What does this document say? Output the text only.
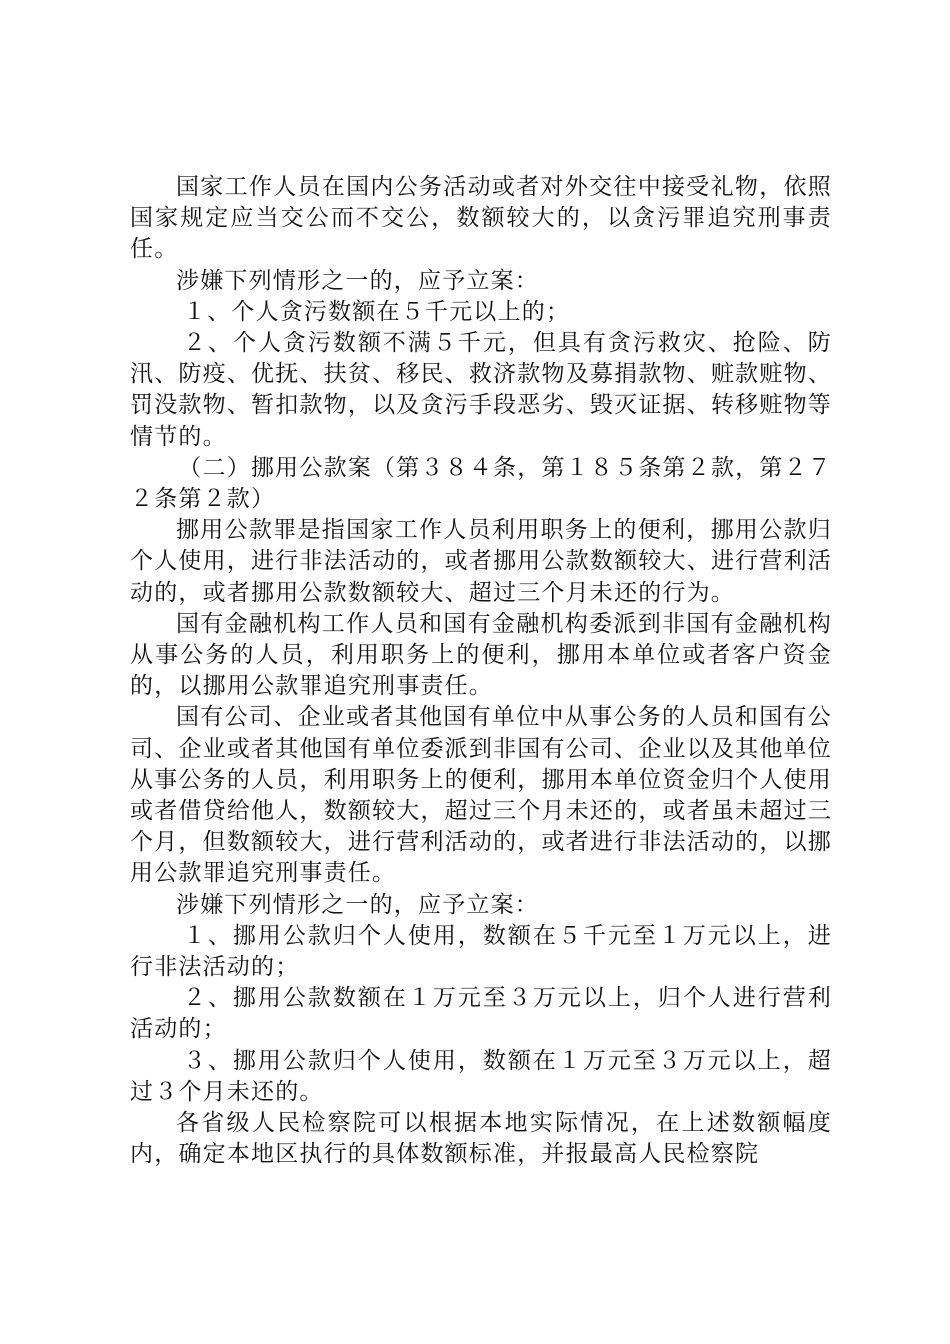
国家工作人员在国内公务活动或者对外交往中接受礼物，依照国家规定应当交公而不交公，数额较大的，以贪污罪追究刑事责任。

涉嫌下列情形之一的，应予立案：

１、个人贪污数额在５千元以上的；

２、个人贪污数额不满５千元，但具有贪污救灾、抢险、防汛、防疫、优抚、扶贫、移民、救济款物及募捐款物、赃款赃物、罚没款物、暂扣款物，以及贪污手段恶劣、毁灭证据、转移赃物等情节的。

（二）挪用公款案（第３８４条，第１８５条第２款，第２７２条第２款）

挪用公款罪是指国家工作人员利用职务上的便利，挪用公款归个人使用，进行非法活动的，或者挪用公款数额较大、进行营利活动的，或者挪用公款数额较大、超过三个月未还的行为。

国有金融机构工作人员和国有金融机构委派到非国有金融机构从事公务的人员，利用职务上的便利，挪用本单位或者客户资金的，以挪用公款罪追究刑事责任。

国有公司、企业或者其他国有单位中从事公务的人员和国有公司、企业或者其他国有单位委派到非国有公司、企业以及其他单位从事公务的人员，利用职务上的便利，挪用本单位资金归个人使用或者借贷给他人，数额较大，超过三个月未还的，或者虽未超过三个月，但数额较大，进行营利活动的，或者进行非法活动的，以挪用公款罪追究刑事责任。

涉嫌下列情形之一的，应予立案：

１、挪用公款归个人使用，数额在５千元至１万元以上，进行非法活动的；

２、挪用公款数额在１万元至３万元以上，归个人进行营利活动的；

３、挪用公款归个人使用，数额在１万元至３万元以上，超过３个月未还的。

各省级人民检察院可以根据本地实际情况，在上述数额幅度内，确定本地区执行的具体数额标准，并报最高人民检察院
